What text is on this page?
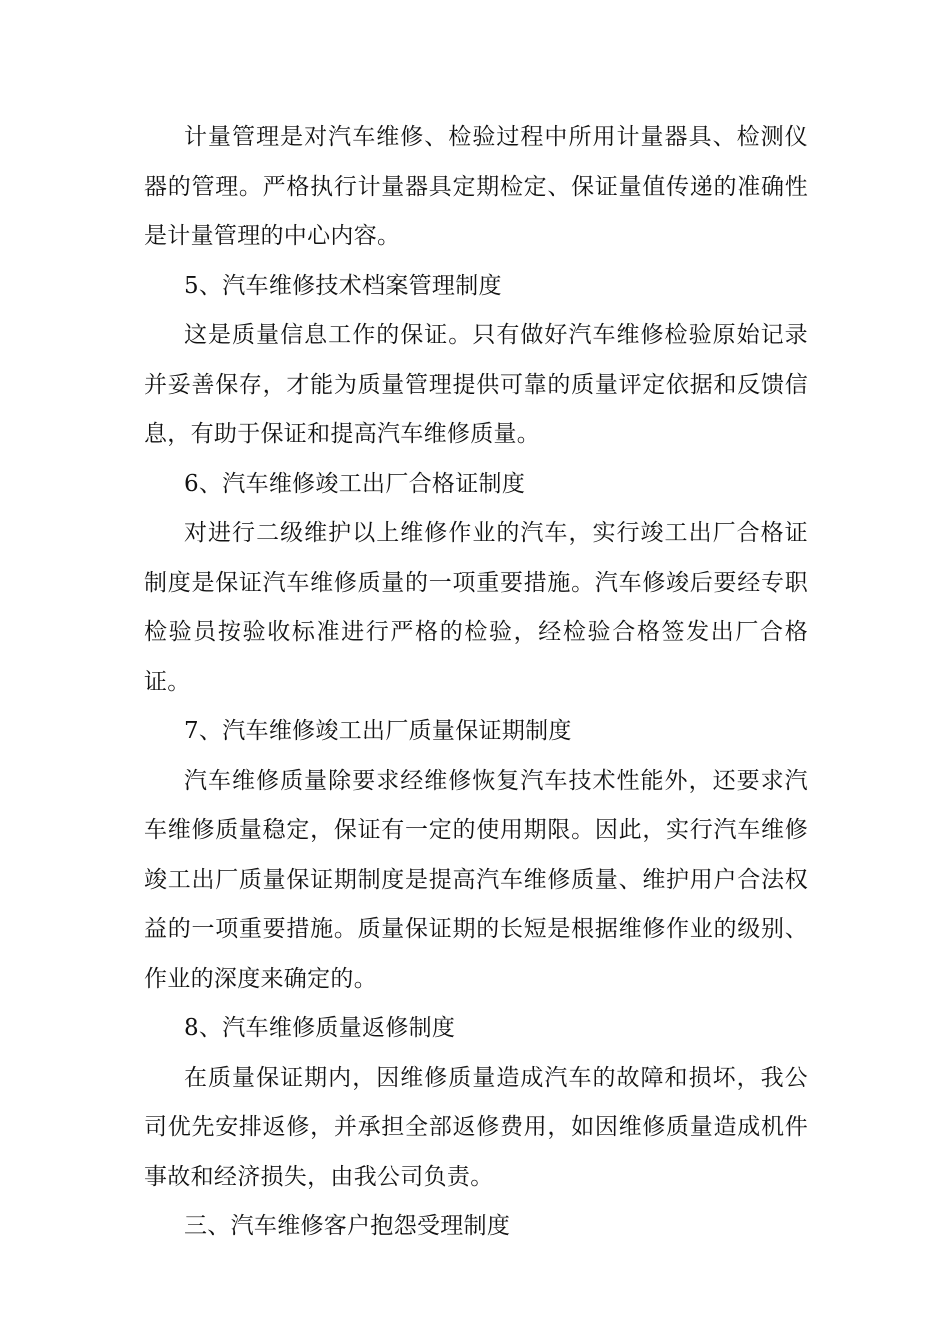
计量管理是对汽车维修、检验过程中所用计量器具、检测仪器的管理。严格执行计量器具定期检定、保证量值传递的准确性是计量管理的中心内容。

5、汽车维修技术档案管理制度

这是质量信息工作的保证。只有做好汽车维修检验原始记录并妥善保存，才能为质量管理提供可靠的质量评定依据和反馈信息，有助于保证和提高汽车维修质量。

6、汽车维修竣工出厂合格证制度

对进行二级维护以上维修作业的汽车，实行竣工出厂合格证制度是保证汽车维修质量的一项重要措施。汽车修竣后要经专职检验员按验收标准进行严格的检验，经检验合格签发出厂合格证。

7、汽车维修竣工出厂质量保证期制度

汽车维修质量除要求经维修恢复汽车技术性能外，还要求汽车维修质量稳定，保证有一定的使用期限。因此，实行汽车维修竣工出厂质量保证期制度是提高汽车维修质量、维护用户合法权益的一项重要措施。质量保证期的长短是根据维修作业的级别、作业的深度来确定的。

8、汽车维修质量返修制度

在质量保证期内，因维修质量造成汽车的故障和损坏，我公司优先安排返修，并承担全部返修费用，如因维修质量造成机件事故和经济损失，由我公司负责。

三、汽车维修客户抱怨受理制度
